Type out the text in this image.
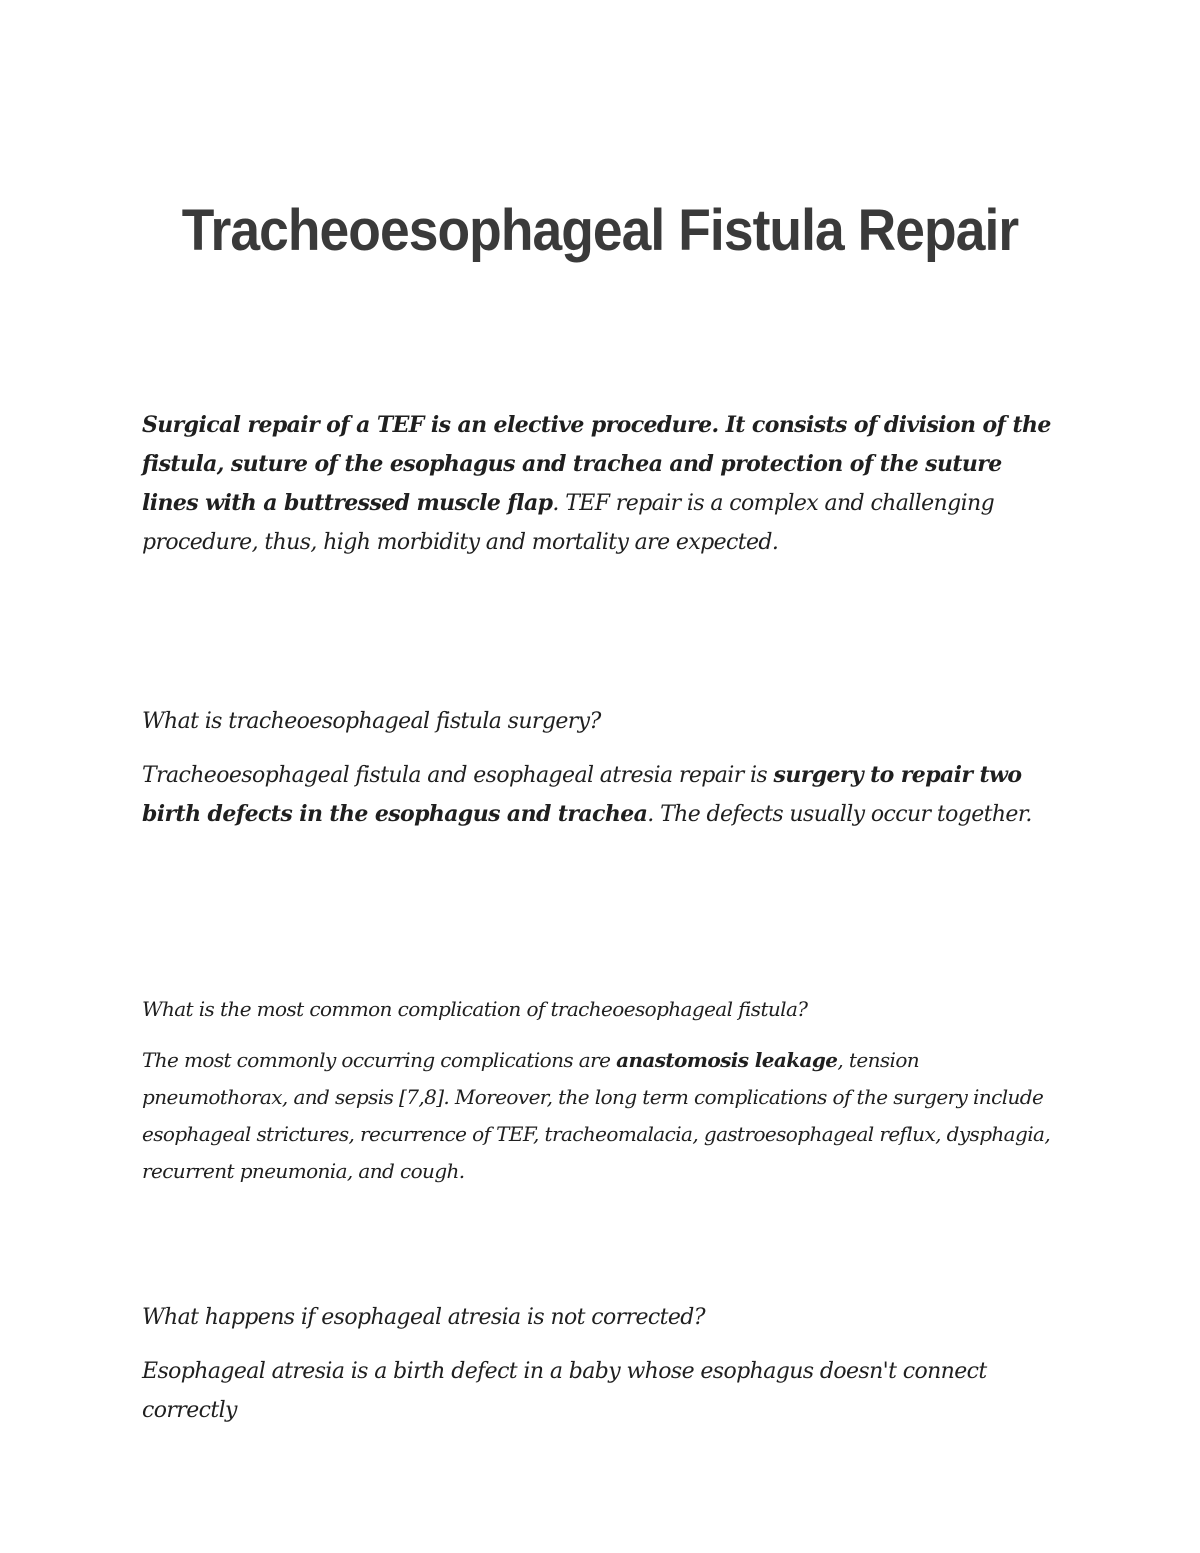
Tracheoesophageal Fistula Repair

Surgical repair of a TEF is an elective procedure. It consists of division of the fistula, suture of the esophagus and trachea and protection of the suture lines with a buttressed muscle flap. TEF repair is a complex and challenging procedure, thus, high morbidity and mortality are expected.

What is tracheoesophageal fistula surgery?

Tracheoesophageal fistula and esophageal atresia repair is surgery to repair two birth defects in the esophagus and trachea. The defects usually occur together.

What is the most common complication of tracheoesophageal fistula?

The most commonly occurring complications are anastomosis leakage, tension pneumothorax, and sepsis [7,8]. Moreover, the long term complications of the surgery include esophageal strictures, recurrence of TEF, tracheomalacia, gastroesophageal reflux, dysphagia, recurrent pneumonia, and cough.

What happens if esophageal atresia is not corrected?

Esophageal atresia is a birth defect in a baby whose esophagus doesn't connect correctly
